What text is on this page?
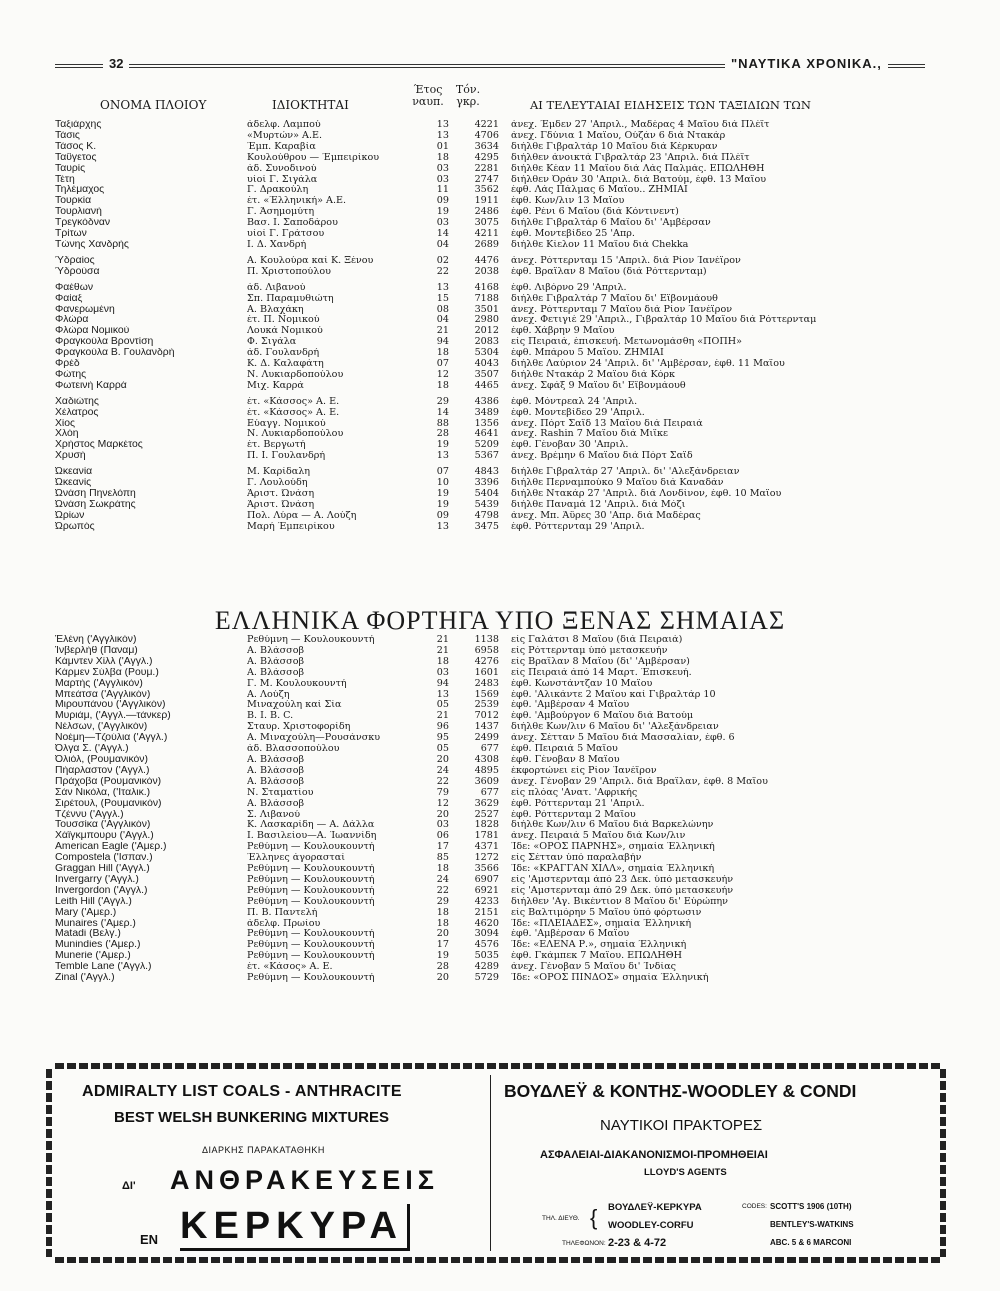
32	"ΝΑΥΤΙΚΑ ΧΡΟΝΙΚΑ.,
ΟΝΟΜΑ ΠΛΟΙΟΥ	ΙΔΙΟΚΤΗΤΑΙ
Έτος ναυπ.
Τόν. γκρ.	ΑΙ ΤΕΛΕΥΤΑΙΑΙ ΕΙΔΗΣΕΙΣ ΤΩΝ ΤΑΞΙΔΙΩΝ ΤΩΝ
Ταξιάρχης	άδελφ. Λαμπού	13	4221	άνεχ. Έμδεν 27 'Απριλ., Μαδέρας 4 Μαΐου διά Πλέϊτ
Τάσις	«Μυρτών» Α.Ε.	13	4706	άνεχ. Γδύνια 1 Μαΐου, Ούζάν 6 διά Ντακάρ
Τάσος Κ.	Έμπ. Καραβία	01	3634	διήλθε Γιβραλτάρ 10 Μαΐου διά Κέρκυραν
Ταΰγετος	Κουλούθρου — Έμπειρίκου	18	4295	διήλθεν άνοικτά Γιβραλτάρ 23 'Απριλ. διά Πλέϊτ
Ταυρίς	άδ. Συνοδινού	03	2281	διήλθε Κέαν 11 Μαΐου διά Λάς Παλμάς. ΕΠΩΛΗΘΗ
Τέτη	υίοί Γ. Σιγάλα	03	2747	διήλθεν Όράν 30 'Απριλ. διά Βατούμ, έφθ. 13 Μαΐου
Τηλέμαχος	Γ. Δρακούλη	11	3562	έφθ. Λάς Πάλμας 6 Μαΐου.. ΖΗΜΙΑΙ
Τουρκία	έτ. «Έλληνική» Α.Ε.	09	1911	έφθ. Κων/λιν 13 Μαΐου
Τουρλιανή	Γ. Άσημομύτη	19	2486	έφθ. Ρένι 6 Μαΐου (διά Κόντινεντ)
Τρεγκόδναν	Βασ. Ι. Σαποδάρου	03	3075	διήλθε Γιβραλτάρ 6 Μαΐου δι' 'Αμβέρσαν
Τρίτων	υίοί Γ. Γράτσου	14	4211	έφθ. Μοντεβίδεο 25 'Απρ.
Τώνης Χανδρής	Ι. Δ. Χανδρή	04	2689	διήλθε Κίελον 11 Μαΐου διά Chekka

Ύδραίος	Α. Κουλούρα καί Κ. Ξένου	02	4476	άνεχ. Ρόττερνταμ 15 'Απριλ. διά Ρίον Ίανέϊρον
Ύδρούσα	Π. Χριστοπούλου	22	2038	έφθ. Βραΐλαν 8 Μαΐου (διά Ρόττερνταμ)

Φαέθων	άδ. Λιβανού	13	4168	έφθ. Λιβόρνο 29 'Απριλ.
Φαίαξ	Σπ. Παραμυθιώτη	15	7188	διήλθε Γιβραλτάρ 7 Μαΐου δι' Εΐβονμάουθ
Φανερωμένη	Α. Βλαχάκη	08	3501	άνεχ. Ρόττερνταμ 7 Μαΐου διά Ρίον Ίανέϊρον
Φλώρα	έτ. Π. Νομικού	04	2980	άνεχ. Φετιγιέ 29 'Απριλ., Γιβραλτάρ 10 Μαΐου διά Ρόττερνταμ
Φλώρα Νομικού	Λουκά Νομικού	21	2012	έφθ. Χάβρην 9 Μαΐου
Φραγκούλα Βροντίση	Φ. Σιγάλα	94	2083	είς Πειραιά, έπισκευή. Μετωνομάσθη «ΠΟΠΗ»
Φραγκούλα Β. Γουλανδρή	άδ. Γουλανδρή	18	5304	έφθ. Μπάρου 5 Μαΐου. ΖΗΜΙΑΙ
Φρέδ	Κ. Δ. Καλαφάτη	07	4043	διήλθε Λαύριον 24 'Απριλ. δι' 'Αμβέρσαν, έφθ. 11 Μαΐου
Φώτης	Ν. Λυκιαρδοπούλου	12	3507	διήλθε Ντακάρ 2 Μαΐου διά Κόρκ
Φωτεινή Καρρά	Μιχ. Καρρά	18	4465	άνεχ. Σφάξ 9 Μαΐου δι' Εΐβονμάουθ

Χαδιώτης	έτ. «Κάσσος» Α. Ε.	29	4386	έφθ. Μόντρεαλ 24 'Απριλ.
Χέλατρος	έτ. «Κάσσος» Α. Ε.	14	3489	έφθ. Μοντεβίδεο 29 'Απριλ.
Χίος	Εύαγγ. Νομικού	88	1356	άνεχ. Πόρτ Σαΐδ 13 Μαΐου διά Πειραιά
Χλόη	Ν. Λυκιαρδοπούλου	28	4641	άνεχ. Rashin 7 Μαΐου διά Μιΐκε
Χρήστος Μαρκέτος	έτ. Βεργωτή	19	5209	έφθ. Γένοβαν 30 'Απριλ.
Χρυσή	Π. Ι. Γουλανδρή	13	5367	άνεχ. Βρέμην 6 Μαΐου διά Πόρτ Σαΐδ

Ώκεανία	Μ. Καρίδαλη	07	4843	διήλθε Γιβραλτάρ 27 'Απριλ. δι' 'Αλεξάνδρειαν
Ώκεανίς	Γ. Λουλούδη	10	3396	διήλθε Περναμπούκο 9 Μαΐου διά Καναδάν
Ώνάση Πηνελόπη	Άριστ. Ώνάση	19	5404	διήλθε Ντακάρ 27 'Απριλ. διά Λονδίνον, έφθ. 10 Μαΐου
Ώνάση Σωκράτης	Άριστ. Ώνάση	19	5439	διήλθε Παναμά 12 'Απριλ. διά Μόζι
Ώρίων	Πολ. Λύρα — Α. Λούζη	09	4798	άνεχ. Μπ. Άϋρες 30 'Απρ. διά Μαδέρας
Ώρωπός	Μαρή Έμπειρίκου	13	3475	έφθ. Ρόττερνταμ 29 'Απριλ.
ΕΛΛΗΝΙΚΑ ΦΟΡΤΗΓΑ ΥΠΟ ΞΕΝΑΣ ΣΗΜΑΙΑΣ
Έλένη ('Αγγλικόν)	Ρεθύμνη — Κουλουκουντή	21	1138	είς Γαλάτσι 8 Μαΐου (διά Πειραιά)
Ίνβερλήθ (Παναμ)	Α. Βλάσσοβ	21	6958	είς Ρόττερνταμ ύπό μετασκευήν
Κάμντεν Χίλλ ('Αγγλ.)	Α. Βλάσσοβ	18	4276	είς Βραΐλαν 8 Μαΐου (δι' 'Αμβέρσαν)
Κάρμεν Σύλβα (Ρουμ.)	Α. Βλάσσοβ	03	1601	είς Πειραιά άπό 14 Μαρτ. Έπισκευή.
Μαρτής ('Αγγλικόν)	Γ. Μ. Κουλουκουντή	94	2483	έφθ. Κωνστάντζαν 10 Μαΐου
Μπεάτσα ('Αγγλικόν)	Α. Λούζη	13	1569	έφθ. 'Αλικάντε 2 Μαΐου καί Γιβραλτάρ 10
Μιρουπάνου ('Αγγλικόν)	Μιναχούλη καί Σία	05	2539	έφθ. 'Αμβέρσαν 4 Μαΐου
Μυριάμ, ('Αγγλ.—τάνκερ)	Β. Ι. Β. C.	21	7012	έφθ. 'Αμβούργον 6 Μαΐου διά Βατούμ
Νέλσων, ('Αγγλικόν)	Σταυρ. Χριστοφορίδη	96	1437	διήλθε Κων/λιν 6 Μαΐου δι' 'Αλεξάνδρειαν
Νοέμη—Τζούλια ('Αγγλ.)	Α. Μιναχούλη—Ρουσάνσκυ	95	2499	άνεχ. Σέτταν 5 Μαΐου διά Μασσαλίαν, έφθ. 6
Όλγα Σ. ('Αγγλ.)	άδ. Βλασσοπούλου	05	677	έφθ. Πειραιά 5 Μαΐου
Όλιόλ, (Ρουμανικόν)	Α. Βλάσσοβ	20	4308	έφθ. Γένοβαν 8 Μαΐου
Πήαρλαστον ('Αγγλ.)	Α. Βλάσσοβ	24	4895	έκφορτώνει είς Ρίον Ίανέϊρον
Πράχοβα (Ρουμανικόν)	Α. Βλάσσοβ	22	3609	άνεχ. Γένοβαν 29 'Απριλ. διά Βραΐλαν, έφθ. 8 Μαΐου
Σάν Νικόλα, ('Ιταλικ.)	Ν. Σταματίου	79	677	είς πλόας 'Ανατ. 'Αφρικής
Σιρέτουλ, (Ρουμανικόν)	Α. Βλάσσοβ	12	3629	έφθ. Ρόττερνταμ 21 'Απριλ.
Τζέννυ ('Αγγλ.)	Σ. Λιβανού	20	2527	έφθ. Ρόττερνταμ 2 Μαΐου
Τουσσίκα ('Αγγλικόν)	Κ. Λασκαρίδη — Α. Δάλλα	03	1828	διήλθε Κων/λιν 6 Μαΐου διά Βαρκελώνην
Χάϊγκμπουρυ ('Αγγλ.)	Ι. Βασιλείου—Α. Ίωαννίδη	06	1781	άνεχ. Πειραιά 5 Μαΐου διά Κων/λιν
American Eagle ('Αμερ.)	Ρεθύμνη — Κουλουκουντή	17	4371	Ίδε: «ΟΡΟΣ ΠΑΡΝΗΣ», σημαία Έλληνική
Compostela ('Ισπαν.)	Έλληνες άγορασταί	85	1272	είς Σέτταν ύπό παραλαβήν
Graggan Hill ('Αγγλ.)	Ρεθύμνη — Κουλουκουντή	18	3566	Ίδε: «ΚΡΑΓΓΑΝ ΧΙΛΛ», σημαία Έλληνική
Invergarry ('Αγγλ.)	Ρεθύμνη — Κουλουκουντή	24	6907	είς 'Αμστερνταμ άπό 23 Δεκ. ύπό μετασκευήν
Invergordon ('Αγγλ.)	Ρεθύμνη — Κουλουκουντή	22	6921	είς 'Αμστερνταμ άπό 29 Δεκ. ύπό μετασκευήν
Leith Hill ('Αγγλ.)	Ρεθύμνη — Κουλουκουντή	29	4233	διήλθεν 'Αγ. Βικέντιον 8 Μαΐου δι' Εύρώπην
Mary ('Αμερ.)	Π. Β. Παντελή	18	2151	είς Βαλτιμόρην 5 Μαΐου ύπό φόρτωσιν
Munaires ('Αμερ.)	άδελφ. Πρωίου	18	4620	Ίδε: «ΠΛΕΙΑΔΕΣ», σημαία Έλληνική
Matadi (Βελγ.)	Ρεθύμνη — Κουλουκουντή	20	3094	έφθ. 'Αμβέρσαν 6 Μαΐου
Munindies ('Αμερ.)	Ρεθύμνη — Κουλουκουντή	17	4576	Ίδε: «ΕΛΕΝΑ Ρ.», σημαία Έλληνική
Munerie ('Αμερ.)	Ρεθύμνη — Κουλουκουντή	19	5035	έφθ. Γκάμπεκ 7 Μαΐου. ΕΠΩΛΗΘΗ
Temble Lane ('Αγγλ.)	έτ. «Κάσος» Α. Ε.	28	4289	άνεχ. Γένοβαν 5 Μαΐου δι' Ίνδίας
Zinal ('Αγγλ.)	Ρεθύμνη — Κουλουκουντή	20	5729	Ίδε: «ΟΡΟΣ ΠΙΝΔΟΣ» σημαία Έλληνική
ADMIRALTY LIST COALS - ANTHRACITE
BEST WELSH BUNKERING MIXTURES
ΔΙΑΡΚΗΣ ΠΑΡΑΚΑΤΑΘΗΚΗ
ΔΙ' ΑΝΘΡΑΚΕΥΣΕΙΣ
ΕΝ ΚΕΡΚΥΡΑ
ΒΟΥΔΛΕΫ & ΚΟΝΤΗΣ-WOODLEY & CONDI
ΝΑΥΤΙΚΟΙ ΠΡΑΚΤΟΡΕΣ
ΑΣΦΑΛΕΙΑΙ-ΔΙΑΚΑΝΟΝΙΣΜΟΙ-ΠΡΟΜΗΘΕΙΑΙ
LLOYD'S AGENTS
ΤΗΛ. ΔΙΕΥΘ. { ΒΟΥΔΛΕΫ-ΚΕΡΚΥΡΑ
WOODLEY-CORFU
ΤΗΛΕΦΩΝΟΝ: 2-23 & 4-72
CODES: SCOTT'S 1906 (10TH)
BENTLEY'S-WATKINS
ABC. 5 & 6 MARCONI
